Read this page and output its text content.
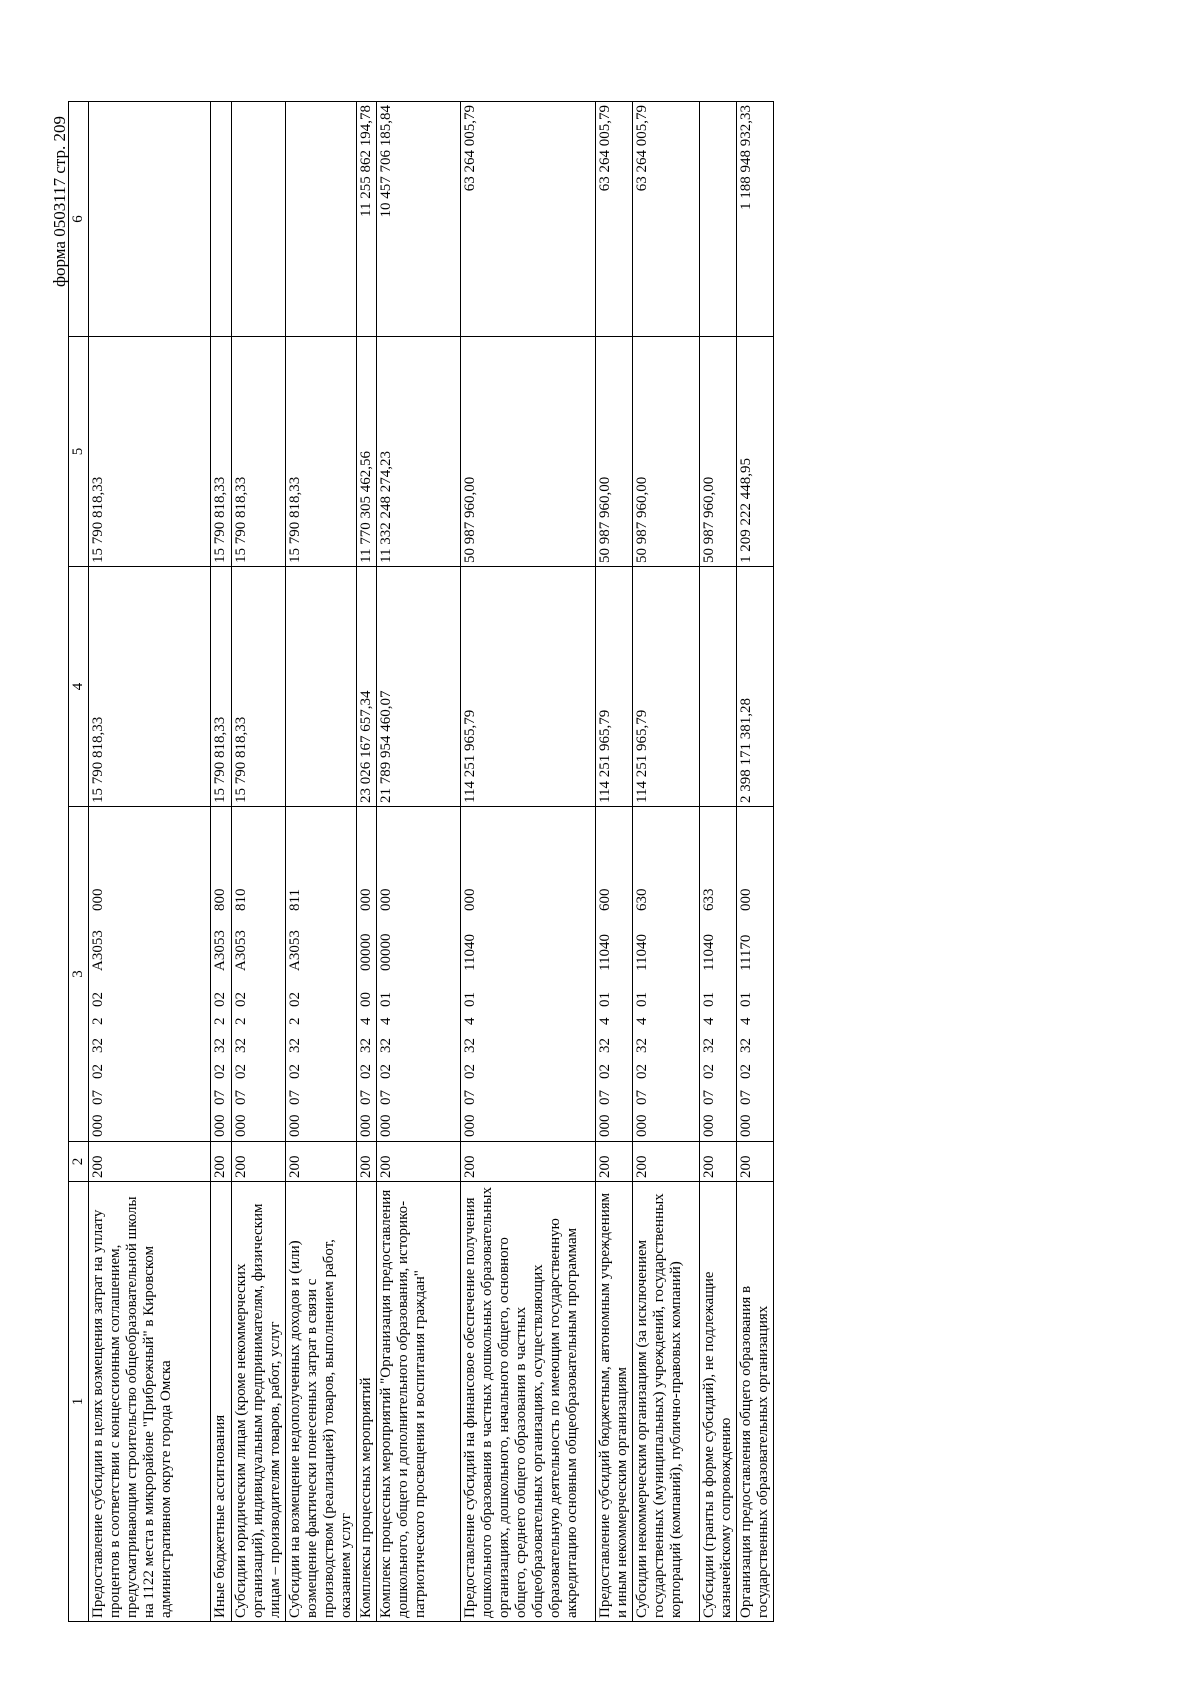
форма 0503117 стр. 209
1	2	3	4	5	6
Предоставление субсидии в целях возмещения затрат на уплату процентов в соответствии с концессионным соглашением, предусматривающим строительство общеобразовательной школы на 1122 места в микрорайоне "Прибрежный" в Кировском административном округе города Омска	200	000070232202А3053000	15 790 818,33	15 790 818,33	
Иные бюджетные ассигнования	200	000070232202А3053800	15 790 818,33	15 790 818,33	
Субсидии юридическим лицам (кроме некоммерческих организаций), индивидуальным предпринимателям, физическим лицам – производителям товаров, работ, услуг	200	000070232202А3053810	15 790 818,33	15 790 818,33	
Субсидии на возмещение недополученных доходов и (или) возмещение фактически понесенных затрат в связи с производством (реализацией) товаров, выполнением работ, оказанием услуг	200	000070232202А3053811		15 790 818,33	
Комплексы процессных мероприятий	200	00007023240000000000	23 026 167 657,34	11 770 305 462,56	11 255 862 194,78
Комплекс процессных мероприятий "Организация предоставления дошкольного, общего и дополнительного образования, историко-патриотического просвещения и воспитания граждан"	200	00007023240100000000	21 789 954 460,07	11 332 248 274,23	10 457 706 185,84
Предоставление субсидий на финансовое обеспечение получения дошкольного образования в частных дошкольных образовательных организациях, дошкольного, начального общего, основного общего, среднего общего образования в частных общеобразовательных организациях, осуществляющих образовательную деятельность по имеющим государственную аккредитацию основным общеобразовательным программам	200	00007023240111040000	114 251 965,79	50 987 960,00	63 264 005,79
Предоставление субсидий бюджетным, автономным учреждениям и иным некоммерческим организациям	200	00007023240111040600	114 251 965,79	50 987 960,00	63 264 005,79
Субсидии некоммерческим организациям (за исключением государственных (муниципальных) учреждений, государственных корпораций (компаний), публично-правовых компаний)	200	00007023240111040630	114 251 965,79	50 987 960,00	63 264 005,79
Субсидии (гранты в форме субсидий), не подлежащие казначейскому сопровождению	200	00007023240111040633		50 987 960,00	
Организация предоставления общего образования в государственных образовательных организациях	200	00007023240111170000	2 398 171 381,28	1 209 222 448,95	1 188 948 932,33
